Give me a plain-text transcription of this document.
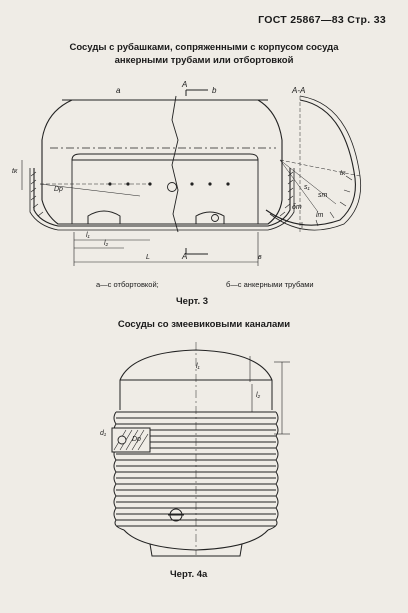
ГОСТ 25867—83 Стр. 33
Сосуды с рубашками, сопряженными с корпусом сосуда
анкерными трубами или отбортовкой
а	b
А
А
А-А
l₁
l₂
L
tк
Dр	s₁
sт
δт
tк
lт
в
а—с отбортовкой;	б—с анкерными трубами
Черт. 3
Сосуды со змеевиковыми каналами
l₁
l₂
d₁
Dр
Черт. 4а
